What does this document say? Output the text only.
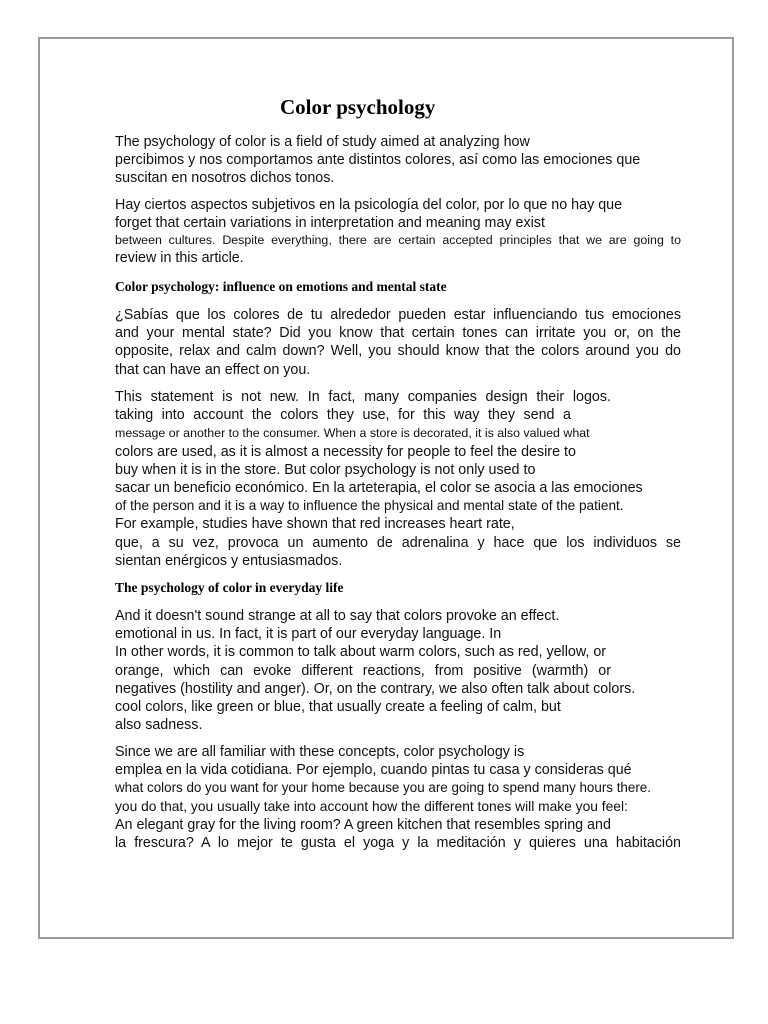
Color psychology
The psychology of color is a field of study aimed at analyzing how
percibimos y nos comportamos ante distintos colores, así como las emociones que
suscitan en nosotros dichos tonos.
Hay ciertos aspectos subjetivos en la psicología del color, por lo que no hay que
forget that certain variations in interpretation and meaning may exist
between cultures. Despite everything, there are certain accepted principles that we are going to
review in this article.
Color psychology: influence on emotions and mental state
¿Sabías que los colores de tu alrededor pueden estar influenciando tus emociones
and your mental state? Did you know that certain tones can irritate you or, on the
opposite, relax and calm down? Well, you should know that the colors around you do
that can have an effect on you.
This statement is not new. In fact, many companies design their logos.
taking into account the colors they use, for this way they send a
message or another to the consumer. When a store is decorated, it is also valued what
colors are used, as it is almost a necessity for people to feel the desire to
buy when it is in the store. But color psychology is not only used to
sacar un beneficio económico. En la arteterapia, el color se asocia a las emociones
of the person and it is a way to influence the physical and mental state of the patient.
For example, studies have shown that red increases heart rate,
que, a su vez, provoca un aumento de adrenalina y hace que los individuos se
sientan enérgicos y entusiasmados.
The psychology of color in everyday life
And it doesn't sound strange at all to say that colors provoke an effect.
emotional in us. In fact, it is part of our everyday language. In
In other words, it is common to talk about warm colors, such as red, yellow, or
orange, which can evoke different reactions, from positive (warmth) or
negatives (hostility and anger). Or, on the contrary, we also often talk about colors.
cool colors, like green or blue, that usually create a feeling of calm, but
also sadness.
Since we are all familiar with these concepts, color psychology is
emplea en la vida cotidiana. Por ejemplo, cuando pintas tu casa y consideras qué
what colors do you want for your home because you are going to spend many hours there.
you do that, you usually take into account how the different tones will make you feel:
An elegant gray for the living room? A green kitchen that resembles spring and
la frescura? A lo mejor te gusta el yoga y la meditación y quieres una habitación
